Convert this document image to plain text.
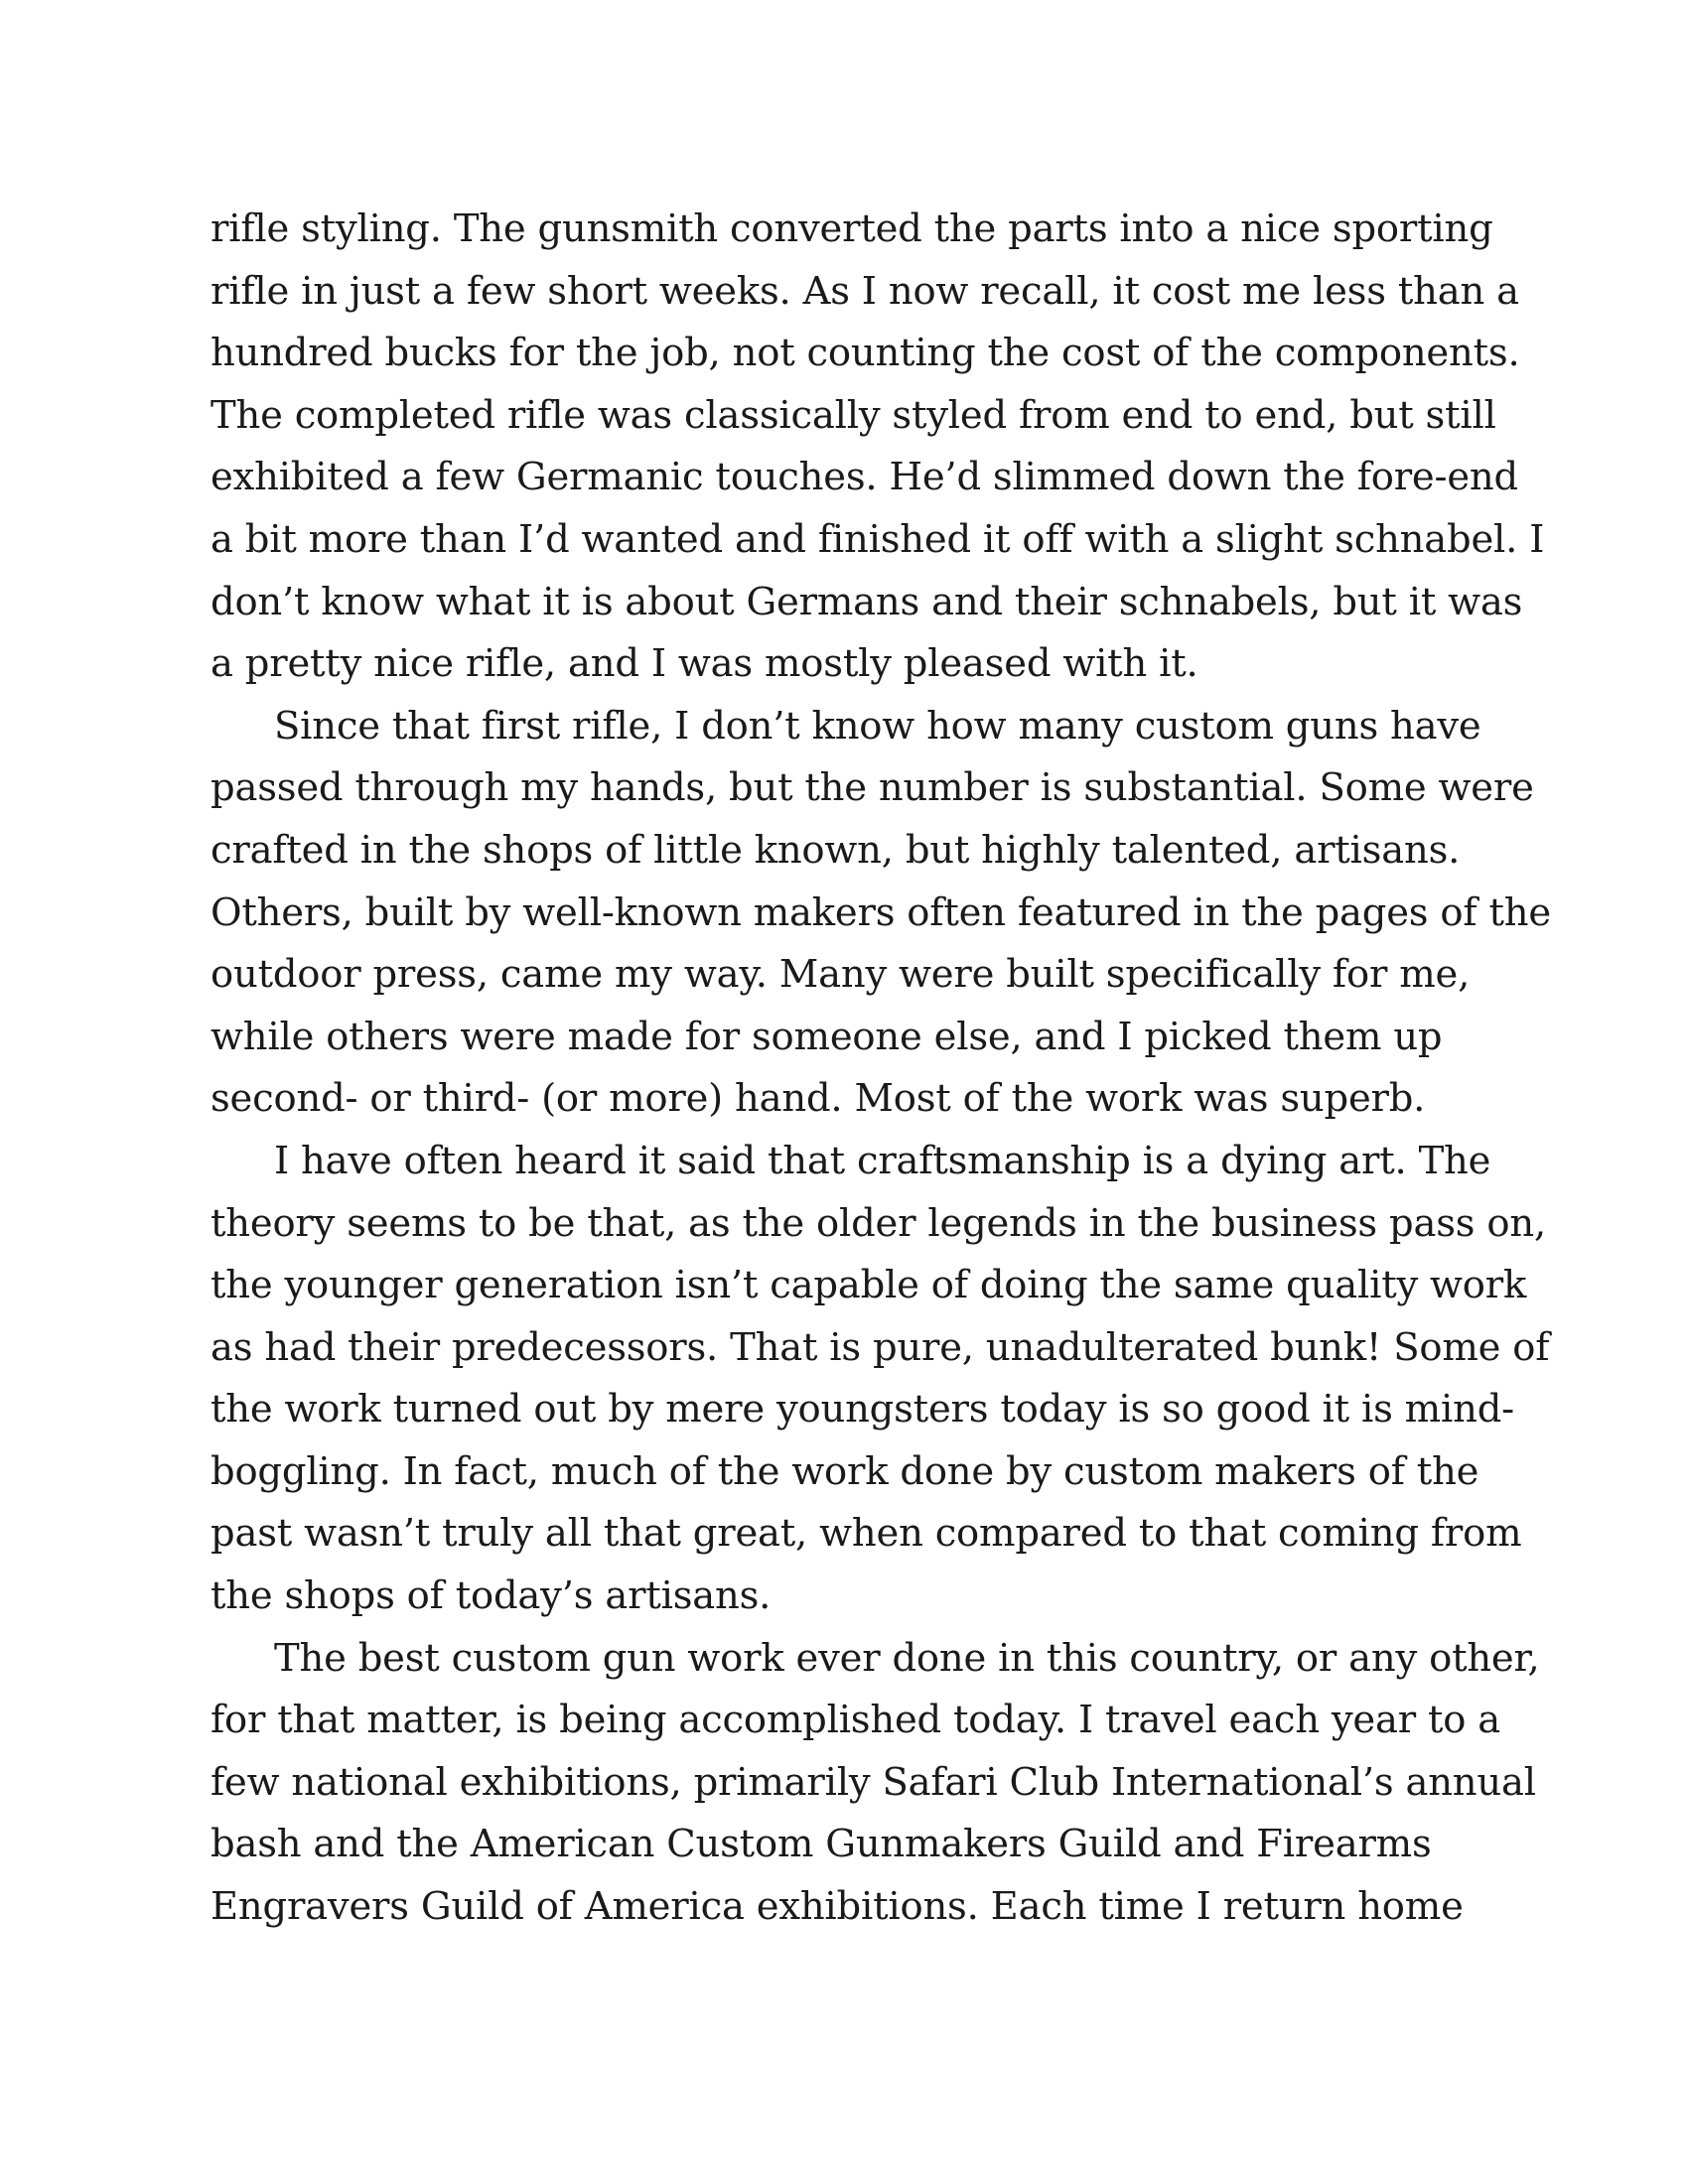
rifle styling. The gunsmith converted the parts into a nice sporting
rifle in just a few short weeks. As I now recall, it cost me less than a
hundred bucks for the job, not counting the cost of the components.
The completed rifle was classically styled from end to end, but still
exhibited a few Germanic touches. He’d slimmed down the fore-end
a bit more than I’d wanted and finished it off with a slight schnabel. I
don’t know what it is about Germans and their schnabels, but it was
a pretty nice rifle, and I was mostly pleased with it.
Since that first rifle, I don’t know how many custom guns have
passed through my hands, but the number is substantial. Some were
crafted in the shops of little known, but highly talented, artisans.
Others, built by well-known makers often featured in the pages of the
outdoor press, came my way. Many were built specifically for me,
while others were made for someone else, and I picked them up
second- or third- (or more) hand. Most of the work was superb.
I have often heard it said that craftsmanship is a dying art. The
theory seems to be that, as the older legends in the business pass on,
the younger generation isn’t capable of doing the same quality work
as had their predecessors. That is pure, unadulterated bunk! Some of
the work turned out by mere youngsters today is so good it is mind-
boggling. In fact, much of the work done by custom makers of the
past wasn’t truly all that great, when compared to that coming from
the shops of today’s artisans.
The best custom gun work ever done in this country, or any other,
for that matter, is being accomplished today. I travel each year to a
few national exhibitions, primarily Safari Club International’s annual
bash and the American Custom Gunmakers Guild and Firearms
Engravers Guild of America exhibitions. Each time I return home
